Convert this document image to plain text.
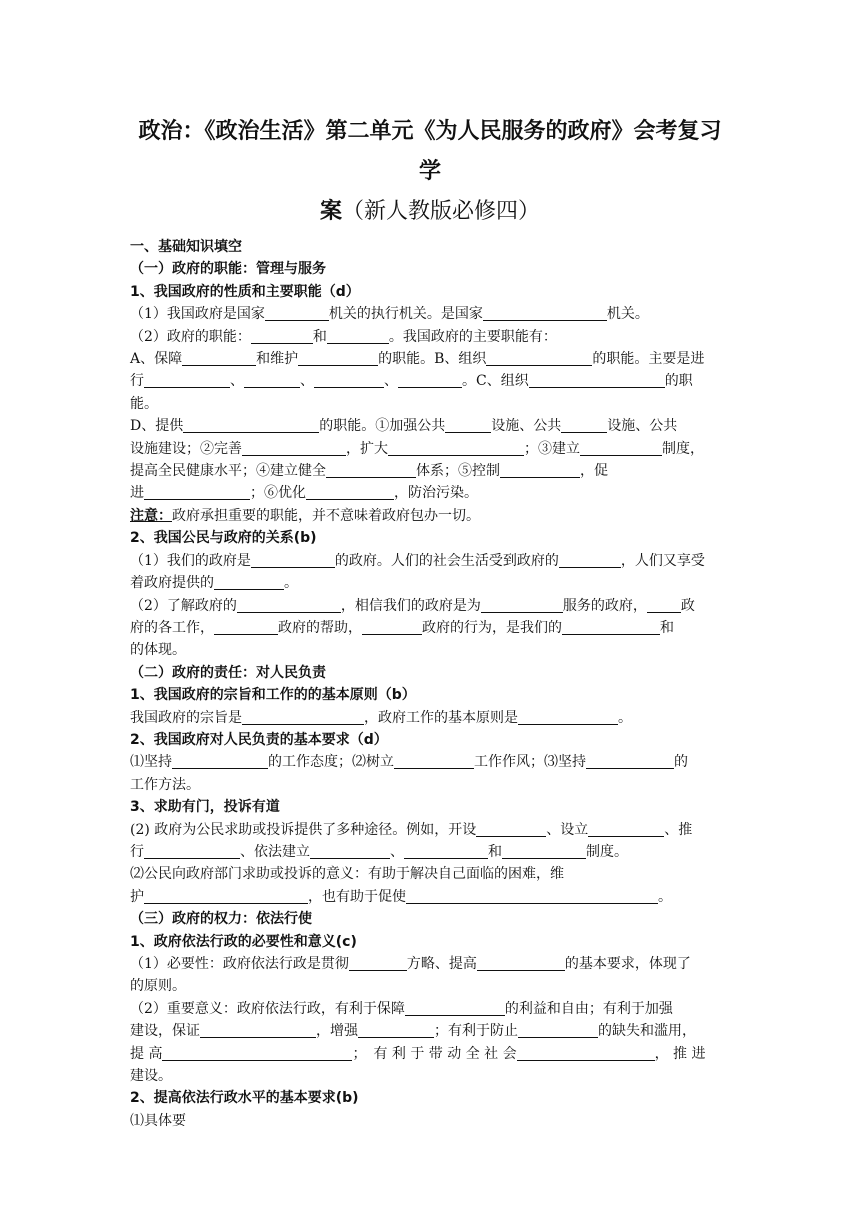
政治：《政治生活》第二单元《为人民服务的政府》会考复习学
案（新人教版必修四）

一、基础知识填空

（一）政府的职能：管理与服务

1、我国政府的性质和主要职能（d）

（1）我国政府是国家	机关的执行机关。是国家	机关。

（2）政府的职能：	和	。我国政府的主要职能有：

A、保障	和维护	的职能。B、组织	的职能。主要是进

行	、	、	、	。C、组织	的职

能。

D、提供	的职能。①加强公共	设施、公共	设施、公共

设施建设；②完善	，扩大	；③建立	制度，

提高全民健康水平；④建立健全	体系；⑤控制	，促

进	；⑥优化	，防治污染。

注意：政府承担重要的职能，并不意味着政府包办一切。

2、我国公民与政府的关系(b)

（1）我们的政府是	的政府。人们的社会生活受到政府的	，人们又享受

着政府提供的	。

（2）了解政府的	，相信我们的政府是为	服务的政府， 政

府的各工作，	政府的帮助，	政府的行为，是我们的	和

的体现。

（二）政府的责任：对人民负责

1、我国政府的宗旨和工作的的基本原则（b）

我国政府的宗旨是	，政府工作的基本原则是	。

2、我国政府对人民负责的基本要求（d）

⑴坚持	的工作态度；⑵树立	工作作风；⑶坚持	的

工作方法。

3、求助有门，投诉有道

(2) 政府为公民求助或投诉提供了多种途径。例如，开设	、设立	、推

行	、依法建立	、	和	制度。

⑵公民向政府部门求助或投诉的意义：有助于解决自己面临的困难，维

护	，也有助于促使	。

（三）政府的权力：依法行使

1、政府依法行政的必要性和意义(c)

（1）必要性：政府依法行政是贯彻	方略、提高	的基本要求，体现了

的原则。

（2）重要意义：政府依法行政，有利于保障	的利益和自由；有利于加强

建设，保证	，增强	；有利于防止	的缺失和滥用，

提 高	；　有 利 于 带 动 全 社 会	， 推 进

建设。

2、提高依法行政水平的基本要求(b)

⑴具体要
